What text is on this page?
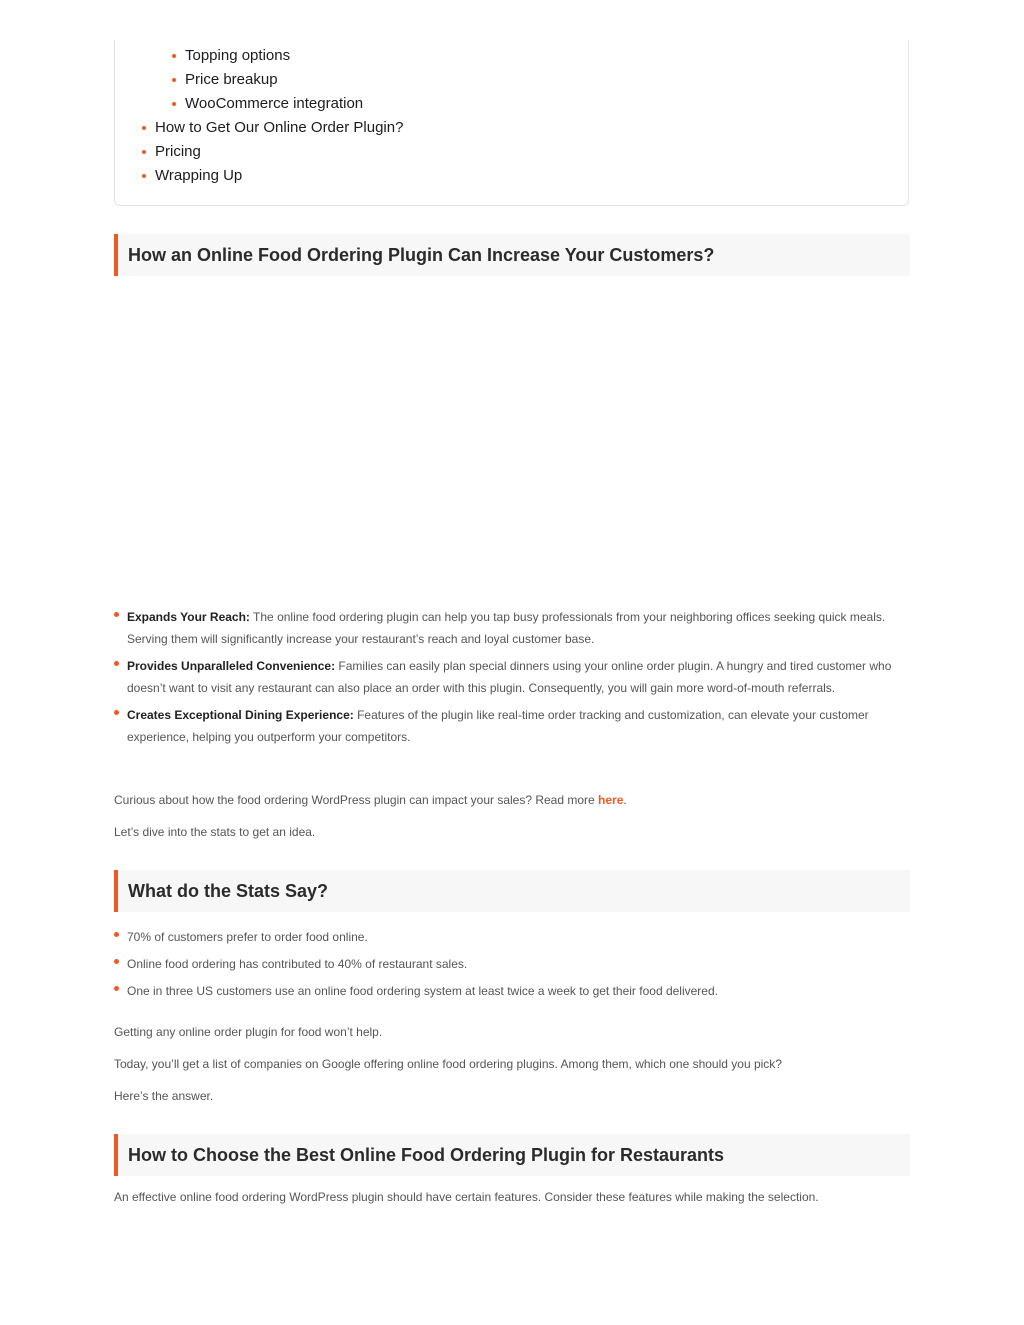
Topping options
Price breakup
WooCommerce integration
How to Get Our Online Order Plugin?
Pricing
Wrapping Up
How an Online Food Ordering Plugin Can Increase Your Customers?
Expands Your Reach: The online food ordering plugin can help you tap busy professionals from your neighboring offices seeking quick meals. Serving them will significantly increase your restaurant’s reach and loyal customer base.
Provides Unparalleled Convenience: Families can easily plan special dinners using your online order plugin. A hungry and tired customer who doesn’t want to visit any restaurant can also place an order with this plugin. Consequently, you will gain more word-of-mouth referrals.
Creates Exceptional Dining Experience: Features of the plugin like real-time order tracking and customization, can elevate your customer experience, helping you outperform your competitors.

Curious about how the food ordering WordPress plugin can impact your sales? Read more here.

Let’s dive into the stats to get an idea.

What do the Stats Say?
70% of customers prefer to order food online.
Online food ordering has contributed to 40% of restaurant sales.
One in three US customers use an online food ordering system at least twice a week to get their food delivered.

Getting any online order plugin for food won’t help.

Today, you’ll get a list of companies on Google offering online food ordering plugins. Among them, which one should you pick?

Here’s the answer.

How to Choose the Best Online Food Ordering Plugin for Restaurants

An effective online food ordering WordPress plugin should have certain features. Consider these features while making the selection.
